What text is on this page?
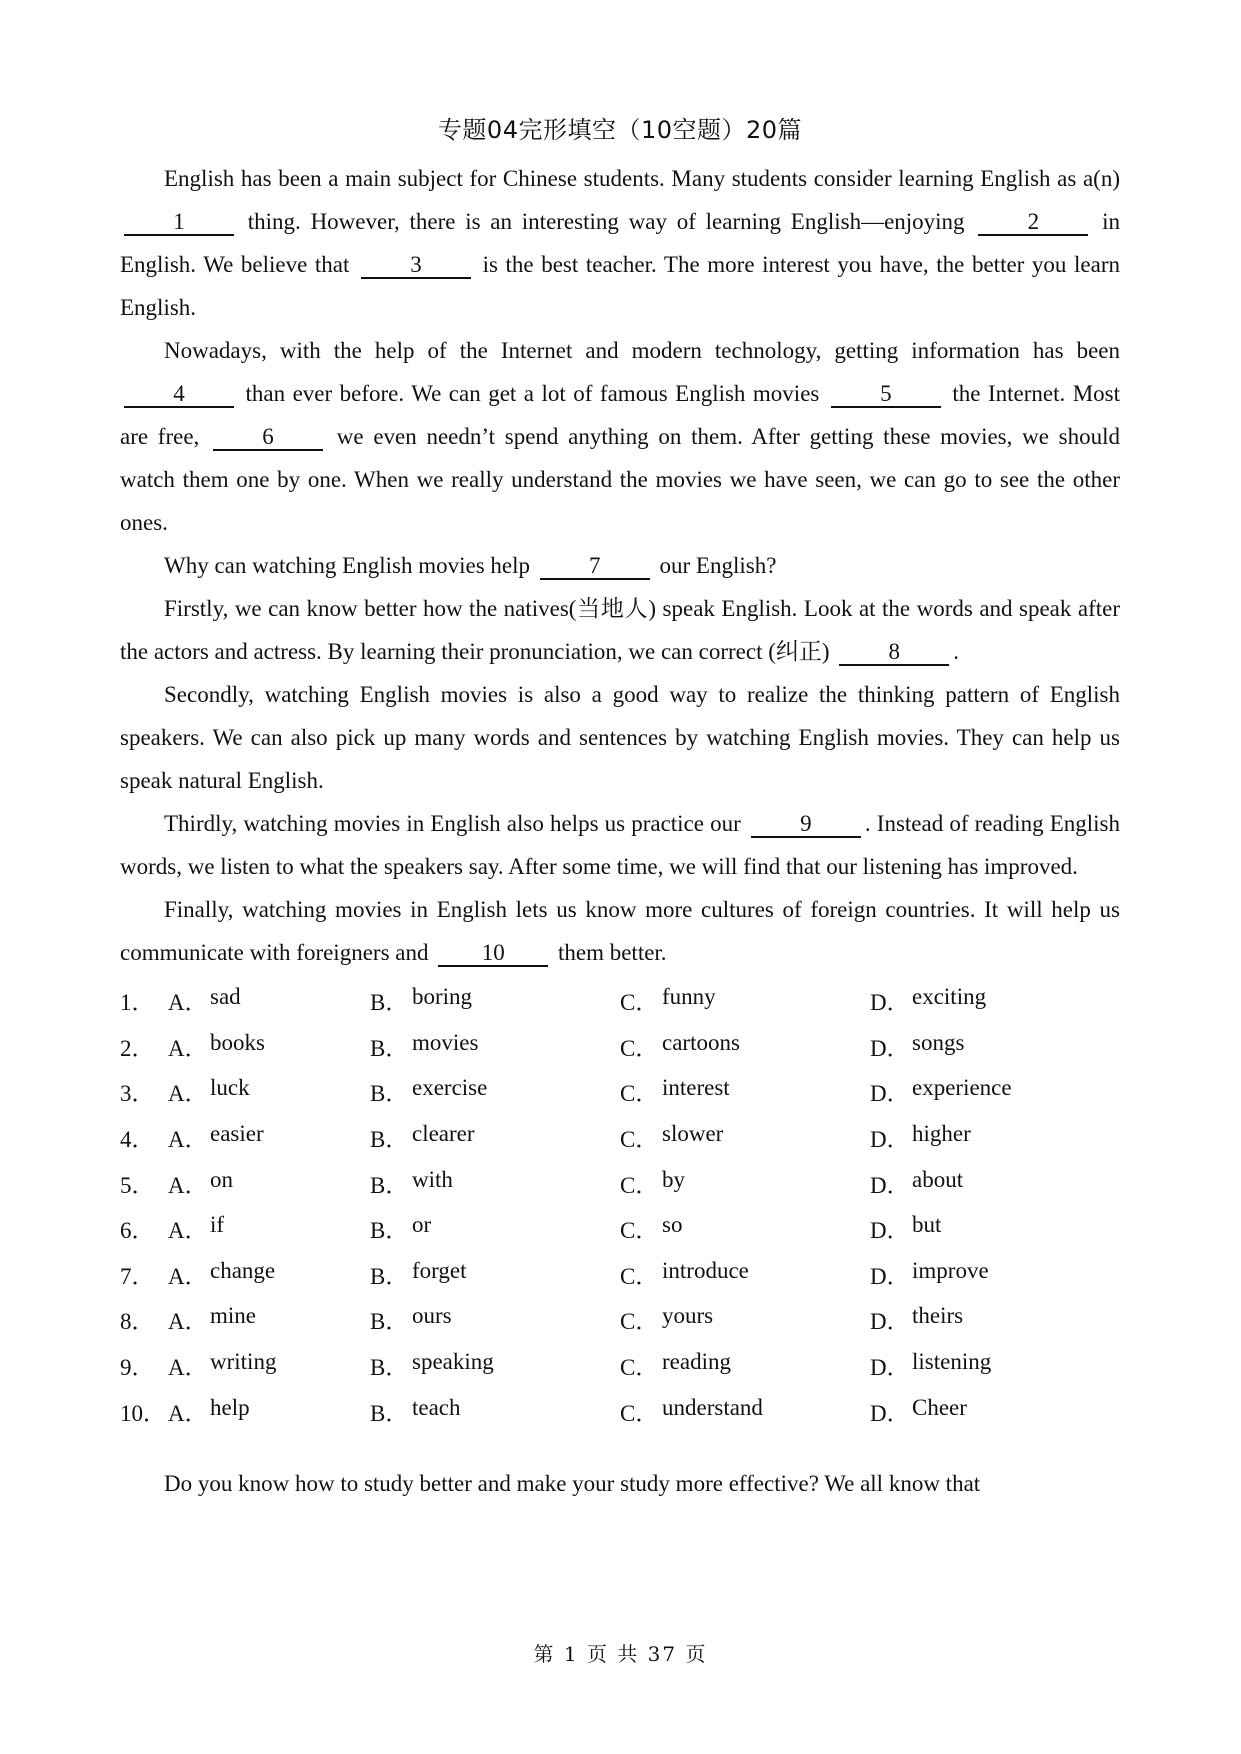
专题04完形填空（10空题）20篇

English has been a main subject for Chinese students. Many students consider learning English as a(n) 1 thing. However, there is an interesting way of learning English—enjoying 2 in English. We believe that 3 is the best teacher. The more interest you have, the better you learn English.

Nowadays, with the help of the Internet and modern technology, getting information has been 4 than ever before. We can get a lot of famous English movies 5 the Internet. Most are free, 6 we even needn’t spend anything on them. After getting these movies, we should watch them one by one. When we really understand the movies we have seen, we can go to see the other ones.

Why can watching English movies help 7 our English?

Firstly, we can know better how the natives(当地人) speak English. Look at the words and speak after the actors and actress. By learning their pronunciation, we can correct (纠正) 8 .

Secondly, watching English movies is also a good way to realize the thinking pattern of English speakers. We can also pick up many words and sentences by watching English movies. They can help us speak natural English.

Thirdly, watching movies in English also helps us practice our 9 . Instead of reading English words, we listen to what the speakers say. After some time, we will find that our listening has improved.

Finally, watching movies in English lets us know more cultures of foreign countries. It will help us communicate with foreigners and 10 them better.

1． A． sad	B． boring	C． funny	D． exciting
2． A． books	B． movies	C． cartoons	D． songs
3． A． luck	B． exercise	C． interest	D． experience
4． A． easier	B． clearer	C． slower	D． higher
5． A． on	B． with	C． by	D． about
6． A． if	B． or	C． so	D． but
7． A． change	B． forget	C． introduce	D． improve
8． A． mine	B． ours	C． yours	D． theirs
9． A． writing	B． speaking	C． reading	D． listening
10． A． help	B． teach	C． understand	D． Cheer

Do you know how to study better and make your study more effective? We all know that

第 1 页 共 37 页
